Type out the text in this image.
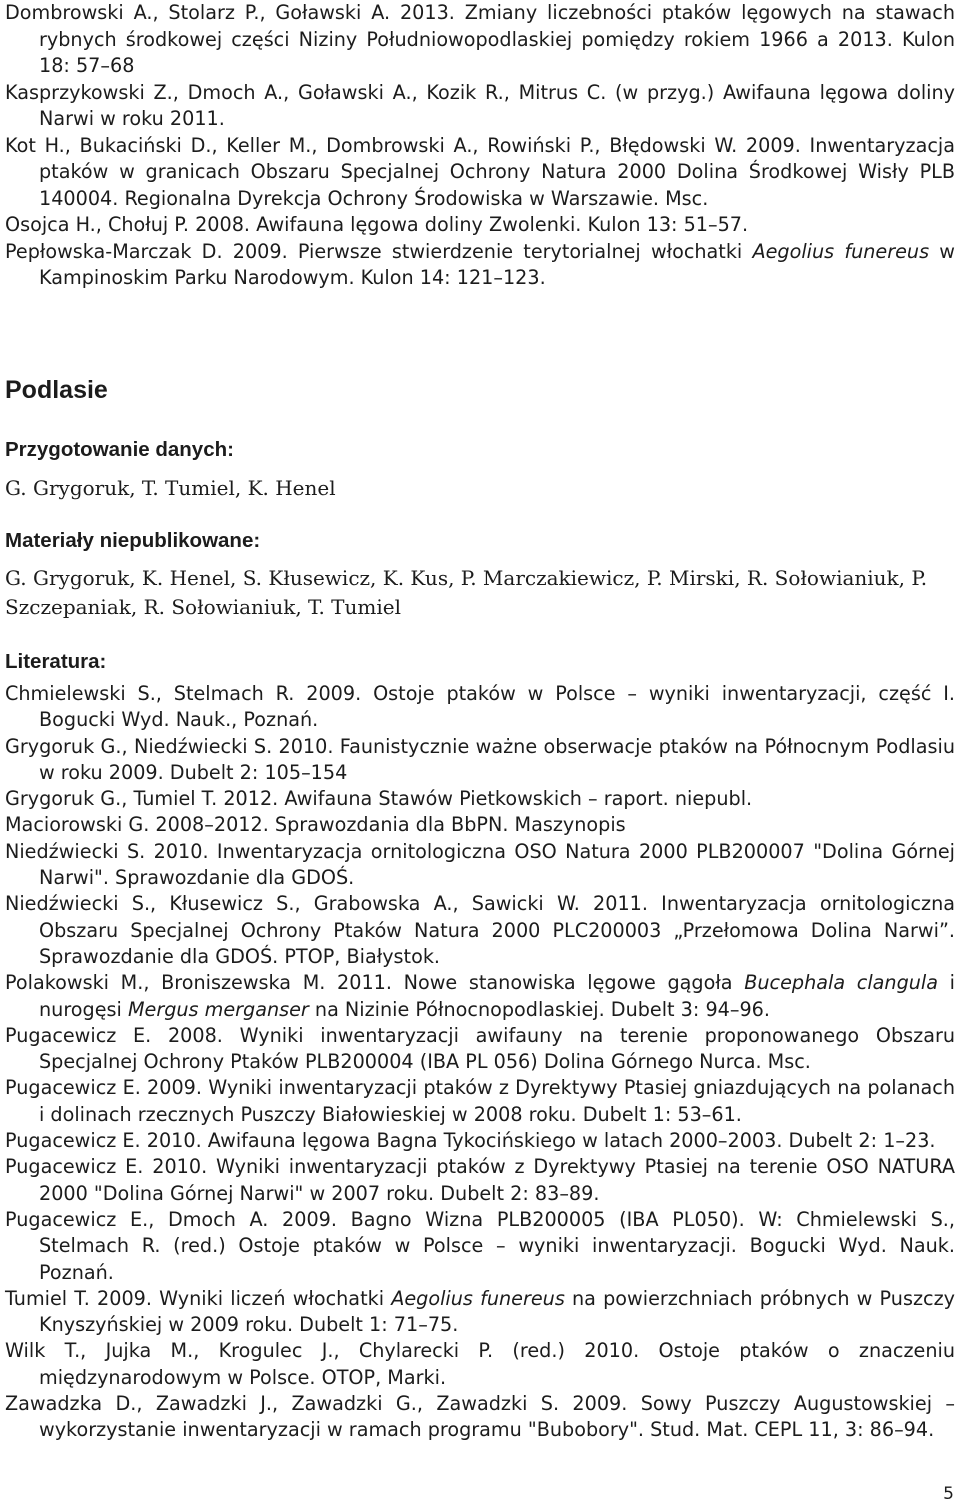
Dombrowski A., Stolarz P., Goławski A. 2013. Zmiany liczebności ptaków lęgowych na stawach rybnych środkowej części Niziny Południowopodlaskiej pomiędzy rokiem 1966 a 2013. Kulon 18: 57–68

Kasprzykowski Z., Dmoch A., Goławski A., Kozik R., Mitrus C. (w przyg.) Awifauna lęgowa doliny Narwi w roku 2011.

Kot H., Bukaciński D., Keller M., Dombrowski A., Rowiński P., Błędowski W. 2009. Inwentaryzacja ptaków w granicach Obszaru Specjalnej Ochrony Natura 2000 Dolina Środkowej Wisły PLB 140004. Regionalna Dyrekcja Ochrony Środowiska w Warszawie. Msc.

Osojca H., Chołuj P. 2008. Awifauna lęgowa doliny Zwolenki. Kulon 13: 51–57.

Pepłowska-Marczak D. 2009. Pierwsze stwierdzenie terytorialnej włochatki Aegolius funereus w Kampinoskim Parku Narodowym. Kulon 14: 121–123.

Podlasie
Przygotowanie danych:

G. Grygoruk, T. Tumiel, K. Henel

Materiały niepublikowane:

G. Grygoruk, K. Henel, S. Kłusewicz, K. Kus, P. Marczakiewicz, P. Mirski, R. Sołowianiuk, P. Szczepaniak, R. Sołowianiuk, T. Tumiel

Literatura:

Chmielewski S., Stelmach R. 2009. Ostoje ptaków w Polsce – wyniki inwentaryzacji, część I. Bogucki Wyd. Nauk., Poznań.

Grygoruk G., Niedźwiecki S. 2010. Faunistycznie ważne obserwacje ptaków na Północnym Podlasiu w roku 2009. Dubelt 2: 105–154

Grygoruk G., Tumiel T. 2012. Awifauna Stawów Pietkowskich – raport. niepubl.

Maciorowski G. 2008–2012. Sprawozdania dla BbPN. Maszynopis

Niedźwiecki S. 2010. Inwentaryzacja ornitologiczna OSO Natura 2000 PLB200007 "Dolina Górnej Narwi". Sprawozdanie dla GDOŚ.

Niedźwiecki S., Kłusewicz S., Grabowska A., Sawicki W. 2011. Inwentaryzacja ornitologiczna Obszaru Specjalnej Ochrony Ptaków Natura 2000 PLC200003 „Przełomowa Dolina Narwi”. Sprawozdanie dla GDOŚ. PTOP, Białystok.

Polakowski M., Broniszewska M. 2011. Nowe stanowiska lęgowe gągoła Bucephala clangula i nurogęsi Mergus merganser na Nizinie Północnopodlaskiej. Dubelt 3: 94–96.

Pugacewicz E. 2008. Wyniki inwentaryzacji awifauny na terenie proponowanego Obszaru Specjalnej Ochrony Ptaków PLB200004 (IBA PL 056) Dolina Górnego Nurca. Msc.

Pugacewicz E. 2009. Wyniki inwentaryzacji ptaków z Dyrektywy Ptasiej gniazdujących na polanach i dolinach rzecznych Puszczy Białowieskiej w 2008 roku. Dubelt 1: 53–61.

Pugacewicz E. 2010. Awifauna lęgowa Bagna Tykocińskiego w latach 2000–2003. Dubelt 2: 1–23.

Pugacewicz E. 2010. Wyniki inwentaryzacji ptaków z Dyrektywy Ptasiej na terenie OSO NATURA 2000 "Dolina Górnej Narwi" w 2007 roku. Dubelt 2: 83–89.

Pugacewicz E., Dmoch A. 2009. Bagno Wizna PLB200005 (IBA PL050). W: Chmielewski S., Stelmach R. (red.) Ostoje ptaków w Polsce – wyniki inwentaryzacji. Bogucki Wyd. Nauk. Poznań.

Tumiel T. 2009. Wyniki liczeń włochatki Aegolius funereus na powierzchniach próbnych w Puszczy Knyszyńskiej w 2009 roku. Dubelt 1: 71–75.

Wilk T., Jujka M., Krogulec J., Chylarecki P. (red.) 2010. Ostoje ptaków o znaczeniu międzynarodowym w Polsce. OTOP, Marki.

Zawadzka D., Zawadzki J., Zawadzki G., Zawadzki S. 2009. Sowy Puszczy Augustowskiej – wykorzystanie inwentaryzacji w ramach programu "Bubobory". Stud. Mat. CEPL 11, 3: 86–94.

5
